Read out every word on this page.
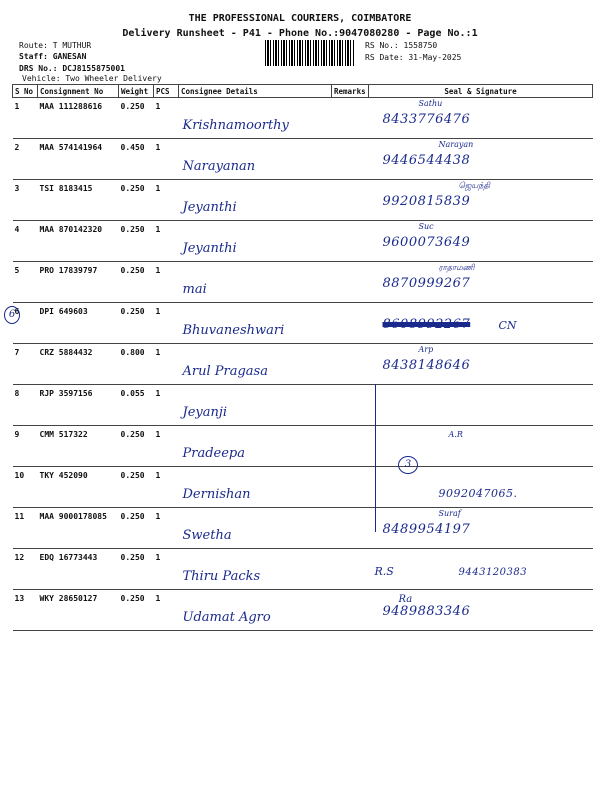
THE PROFESSIONAL COURIERS, COIMBATORE
Delivery Runsheet - P41 - Phone No.:9047080280 - Page No.:1
Route: T MUTHUR
Staff: GANESAN
DRS No.: DCJ8155875001
Vehicle: Two Wheeler Delivery
RS No.: 1558750
RS Date: 31-May-2025
S No	Consignment No	Weight	PCS	Consignee Details	Remarks	Seal & Signature

1	MAA 111288616	0.250	1	Krishnamoorthy		Sathu
8433776476

2	MAA 574141964	0.450	1	Narayanan		Narayan
9446544438

3	TSI 8183415	0.250	1	Jeyanthi		ஜெயந்தி
9920815839

4	MAA 870142320	0.250	1	Jeyanthi		Suc
9600073649

5	PRO 17839797	0.250	1	mai		ராதாமணி
8870999267

6	DPI 649603	0.250	1	Bhuvaneshwari		CN
8608992267

7	CRZ 5884432	0.800	1	Arul Pragasa		Arp
8438148646

8	RJP 3597156	0.055	1	Jeyanji		

9	CMM 517322	0.250	1	Pradeepa		A.R

10	TKY 452090	0.250	1	Dernishan		9092047065.

11	MAA 9000178085	0.250	1	Swetha		Suraf
8489954197

12	EDQ 16773443	0.250	1	Thiru Packs		R.S 9443120383

13	WKY 28650127	0.250	1	Udamat Agro		Ra
9489883346
6
3
